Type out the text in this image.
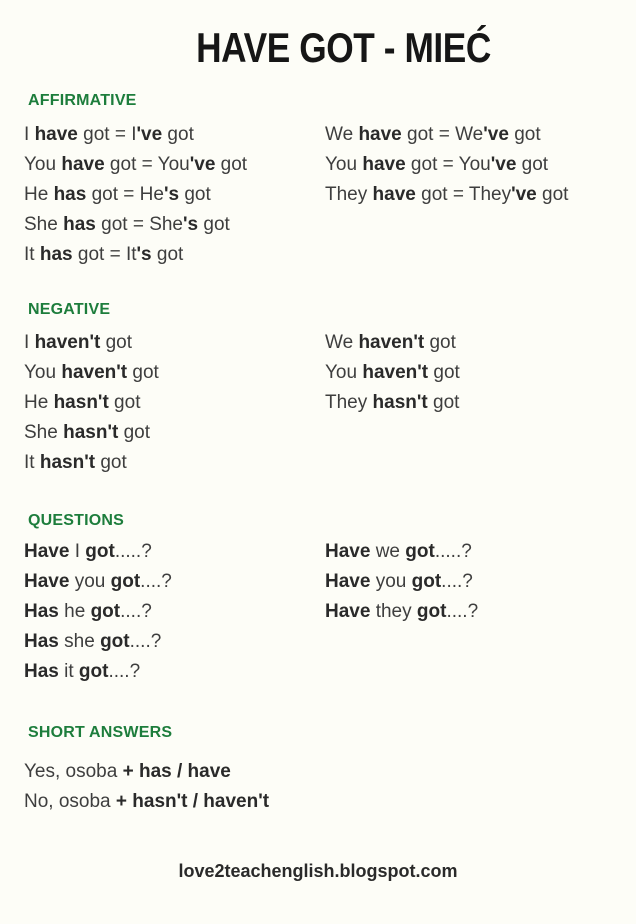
HAVE GOT - MIEĆ
AFFIRMATIVE
I have got = I've got
You have got = You've got
He has got = He's got
She has got = She's got
It has got = It's got
We have got = We've got
You have got = You've got
They have got = They've got
NEGATIVE
I haven't got
You haven't got
He hasn't got
She hasn't got
It hasn't got
We haven't got
You haven't got
They hasn't got
QUESTIONS
Have I got.....?
Have you got....?
Has he got....?
Has she got....?
Has it got....?
Have we got.....?
Have you got....?
Have they got....?
SHORT ANSWERS
Yes, osoba + has / have
No, osoba + hasn't / haven't
love2teachenglish.blogspot.com
